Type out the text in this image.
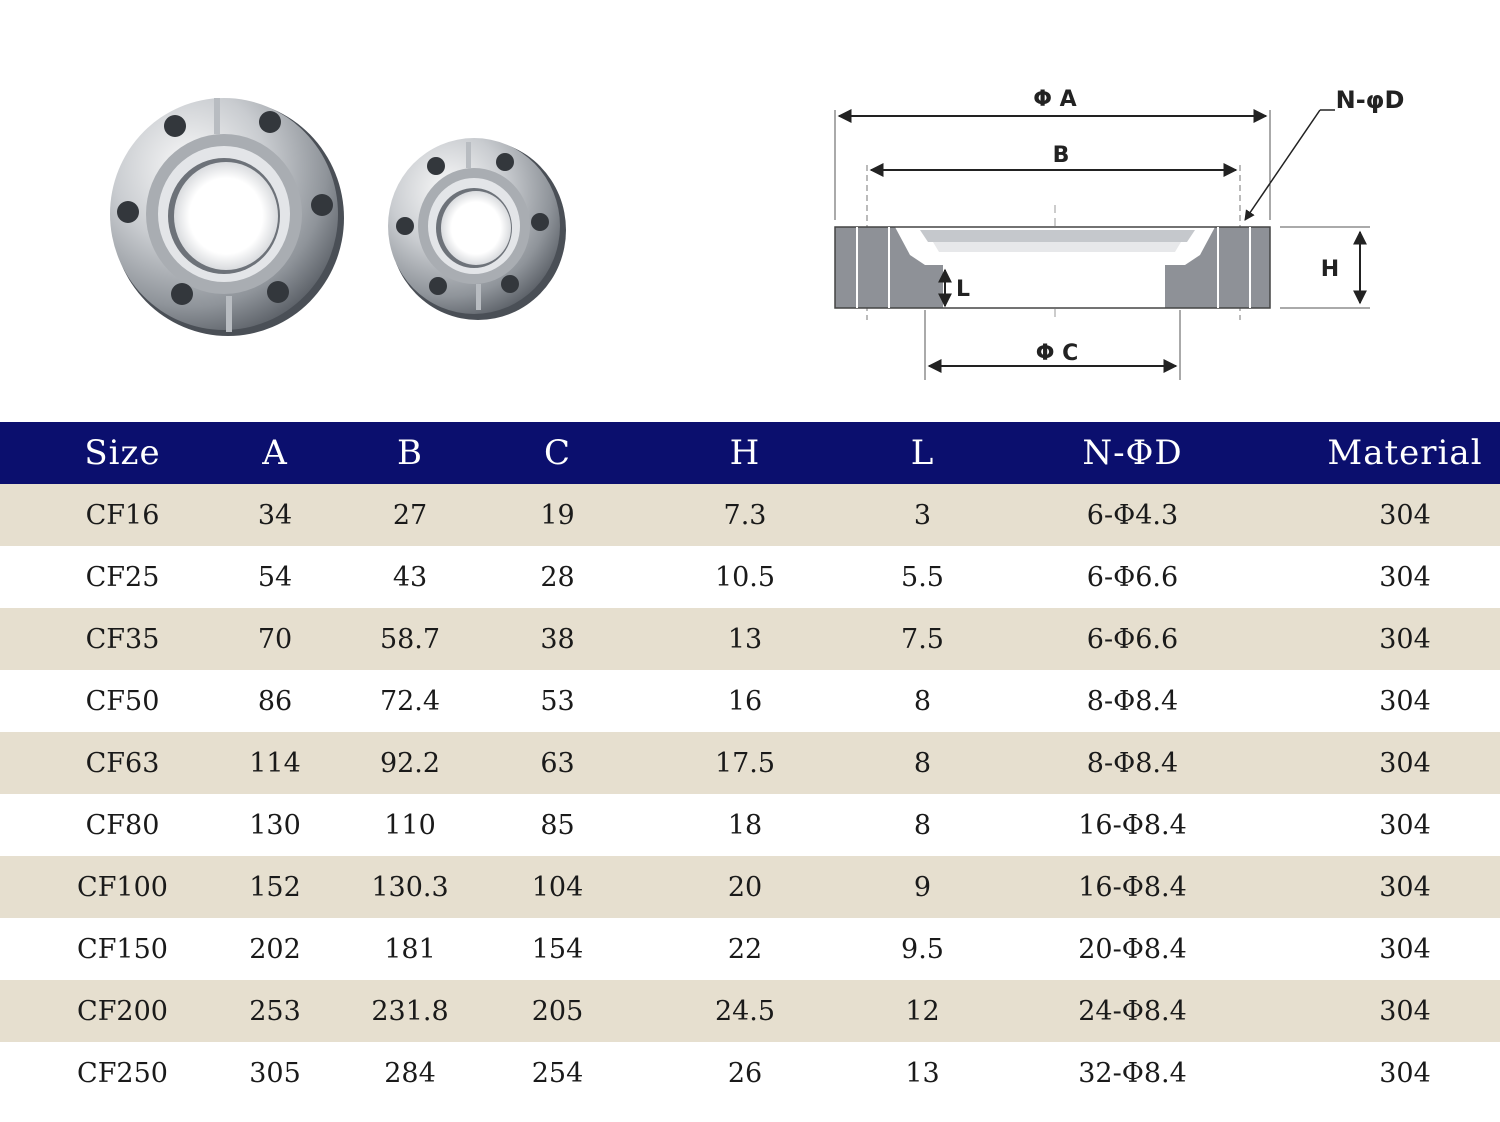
Φ A
B
Φ C
H
L
N-φD
Size	A	B	C	H	L	N-ΦD	Material
CF16	34	27	19	7.3	3	6-Φ4.3	304
CF25	54	43	28	10.5	5.5	6-Φ6.6	304
CF35	70	58.7	38	13	7.5	6-Φ6.6	304
CF50	86	72.4	53	16	8	8-Φ8.4	304
CF63	114	92.2	63	17.5	8	8-Φ8.4	304
CF80	130	110	85	18	8	16-Φ8.4	304
CF100	152	130.3	104	20	9	16-Φ8.4	304
CF150	202	181	154	22	9.5	20-Φ8.4	304
CF200	253	231.8	205	24.5	12	24-Φ8.4	304
CF250	305	284	254	26	13	32-Φ8.4	304
